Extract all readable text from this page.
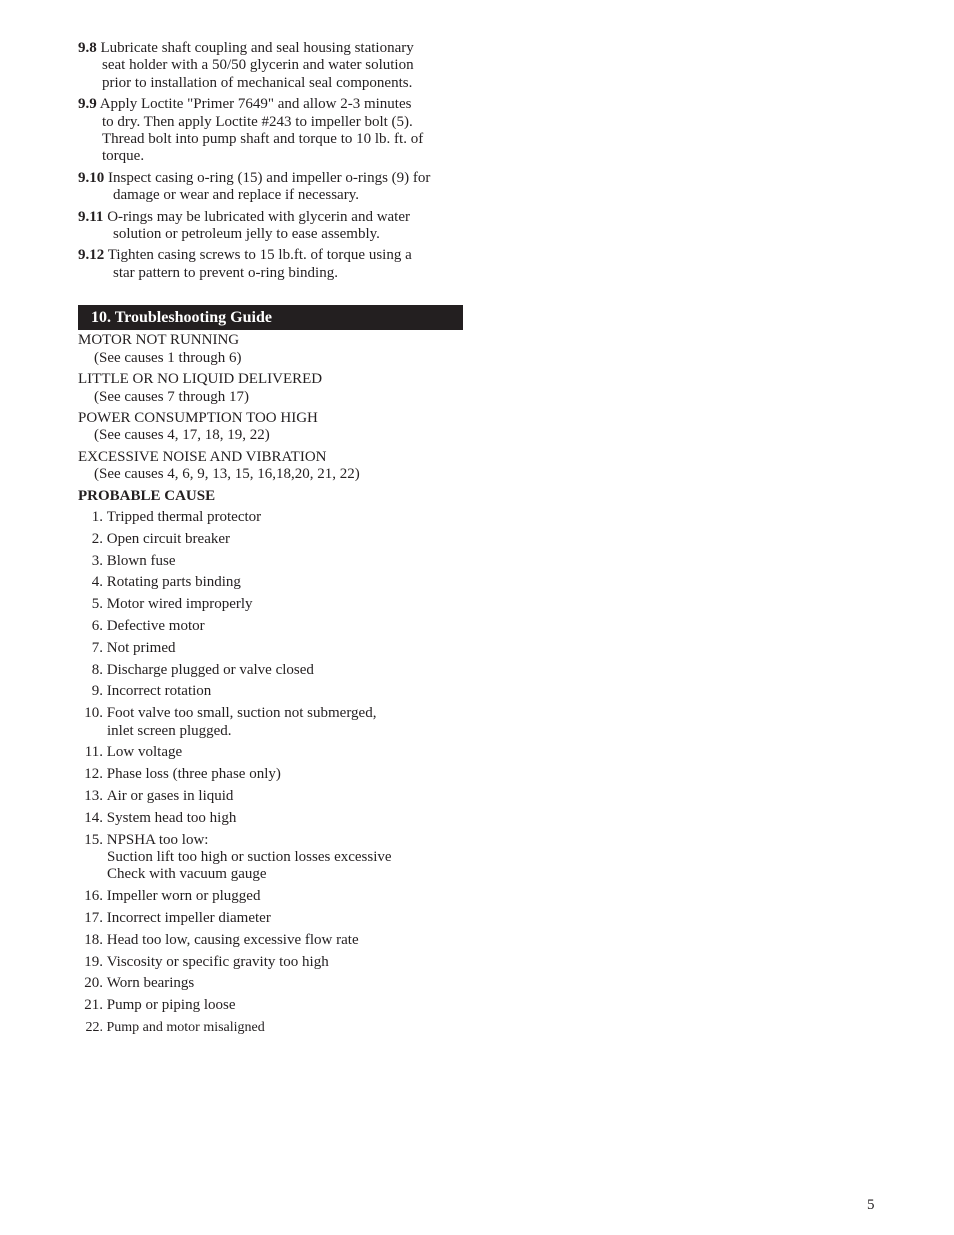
9.8 Lubricate shaft coupling and seal housing stationary
seat holder with a 50/50 glycerin and water solution
prior to installation of mechanical seal components.
9.9 Apply Loctite "Primer 7649" and allow 2-3 minutes
to dry. Then apply Loctite #243 to impeller bolt (5).
Thread bolt into pump shaft and torque to 10 lb. ft. of
torque.
9.10 Inspect casing o-ring (15) and impeller o-rings (9) for
damage or wear and replace if necessary.
9.11 O-rings may be lubricated with glycerin and water
solution or petroleum jelly to ease assembly.
9.12 Tighten casing screws to 15 lb.ft. of torque using a
star pattern to prevent o-ring binding.
10. Troubleshooting Guide
MOTOR NOT RUNNING
(See causes 1 through 6)
LITTLE OR NO LIQUID DELIVERED
(See causes 7 through 17)
POWER CONSUMPTION TOO HIGH
(See causes 4, 17, 18, 19, 22)
EXCESSIVE NOISE AND VIBRATION
(See causes 4, 6, 9, 13, 15, 16,18,20, 21, 22)
PROBABLE CAUSE
1. Tripped thermal protector
2. Open circuit breaker
3. Blown fuse
4. Rotating parts binding
5. Motor wired improperly
6. Defective motor
7. Not primed
8. Discharge plugged or valve closed
9. Incorrect rotation
10. Foot valve too small, suction not submerged,
inlet screen plugged.
11. Low voltage
12. Phase loss (three phase only)
13. Air or gases in liquid
14. System head too high
15. NPSHA too low:
Suction lift too high or suction losses excessive
Check with vacuum gauge
16. Impeller worn or plugged
17. Incorrect impeller diameter
18. Head too low, causing excessive flow rate
19. Viscosity or specific gravity too high
20. Worn bearings
21. Pump or piping loose
22. Pump and motor misaligned
5
